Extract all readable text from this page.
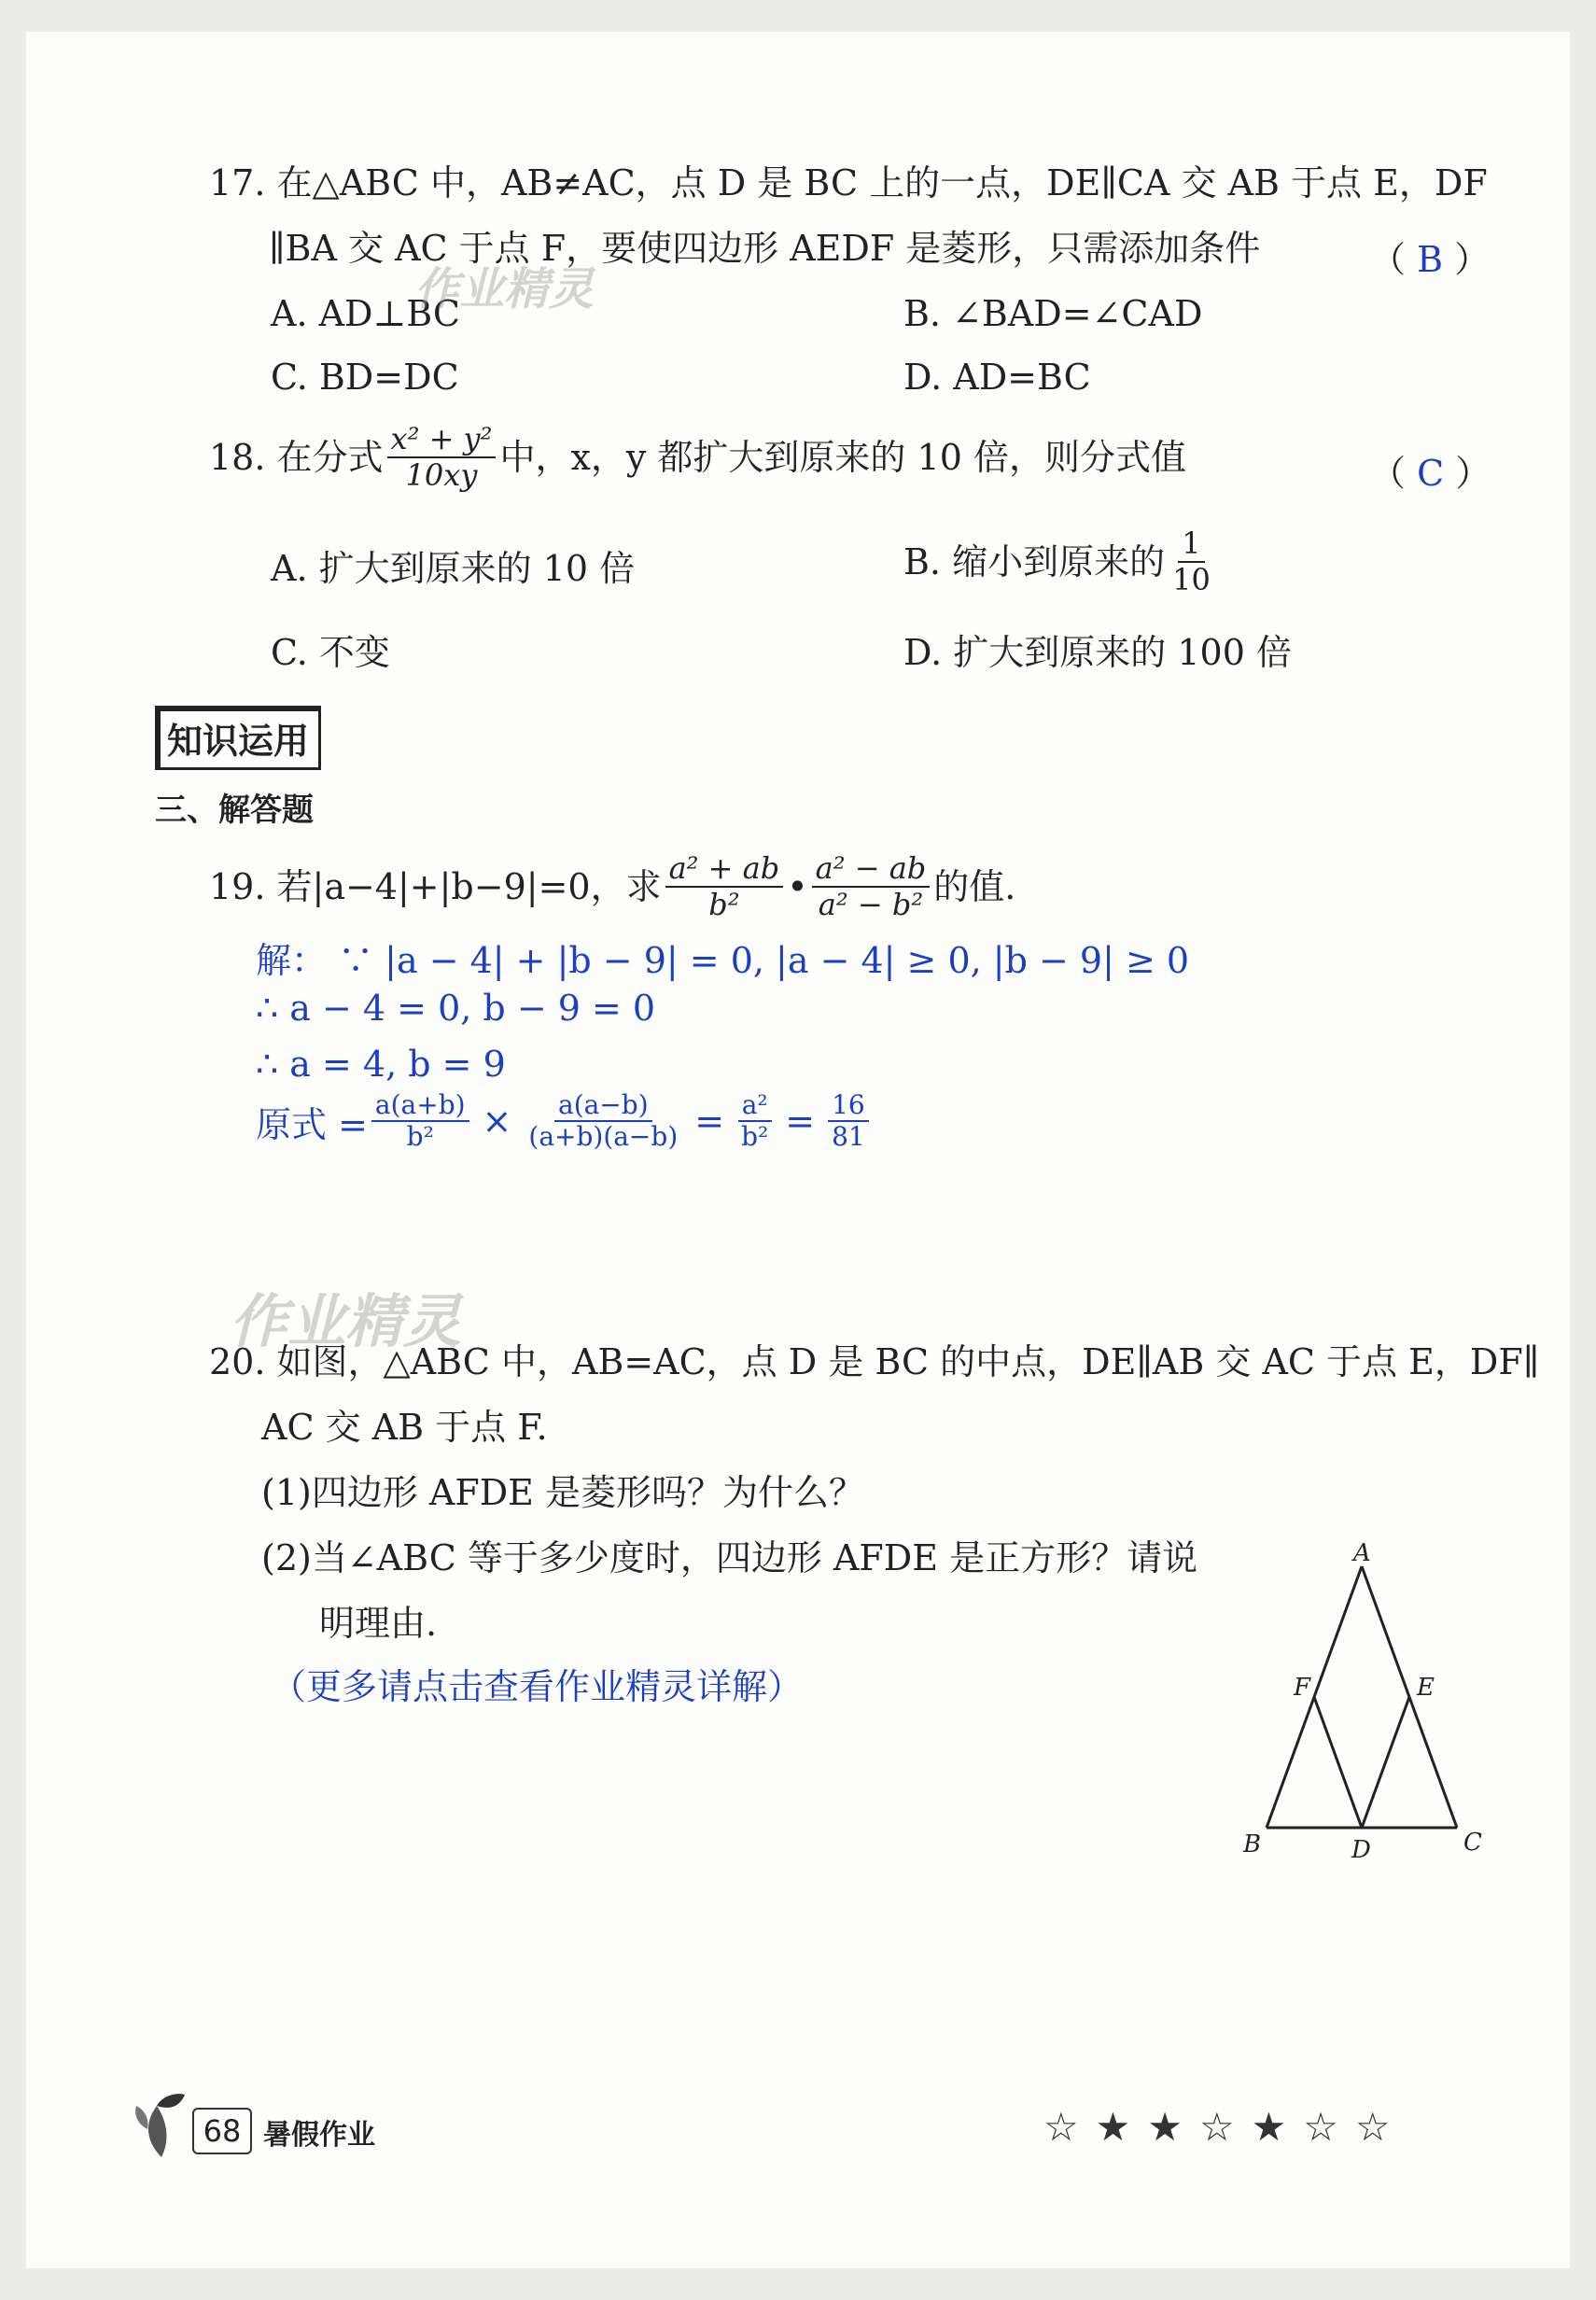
17. 在△ABC 中，AB≠AC，点 D 是 BC 上的一点，DE∥CA 交 AB 于点 E，DF
∥BA 交 AC 于点 F，要使四边形 AEDF 是菱形，只需添加条件	（ B ）
A. AD⊥BC	B. ∠BAD=∠CAD
C. BD=DC	D. AD=BC
作业精灵
18. 在分式 $\frac{\text{x² + y²}}{10xy}$ 中，x，y 都扩大到原来的 10 倍，则分式值	（ C ）
A. 扩大到原来的 10 倍	B. 缩小到原来的 $\frac{1}{10}$
C. 不变	D. 扩大到原来的 100 倍
知识运用
三、解答题
19. 若|a−4|+|b−9|=0，求 $\frac{\text{a² + ab}}{\text{b²}}$ • $\frac{\text{a² − ab}}{\text{a² − b²}}$ 的值.
解： ∵ |a − 4| + |b − 9| = 0, |a − 4| ≥ 0, |b − 9| ≥ 0
∴ a − 4 = 0, b − 9 = 0
∴ a = 4, b = 9
原式 = $\frac{a(a+b)}{\text{b²}} \times \frac{a(a-b)}{(a+b)(a-b)} = \frac{\text{a²}}{\text{b²}} = \frac{16}{81}$
作业精灵
20. 如图，△ABC 中，AB=AC，点 D 是 BC 的中点，DE∥AB 交 AC 于点 E，DF∥
AC 交 AB 于点 F.
(1)四边形 AFDE 是菱形吗？为什么？
(2)当∠ABC 等于多少度时，四边形 AFDE 是正方形？请说
明理由.
（更多请点击查看作业精灵详解）
A
B	C
D
E
F
68 暑假作业	☆★★☆★☆☆
